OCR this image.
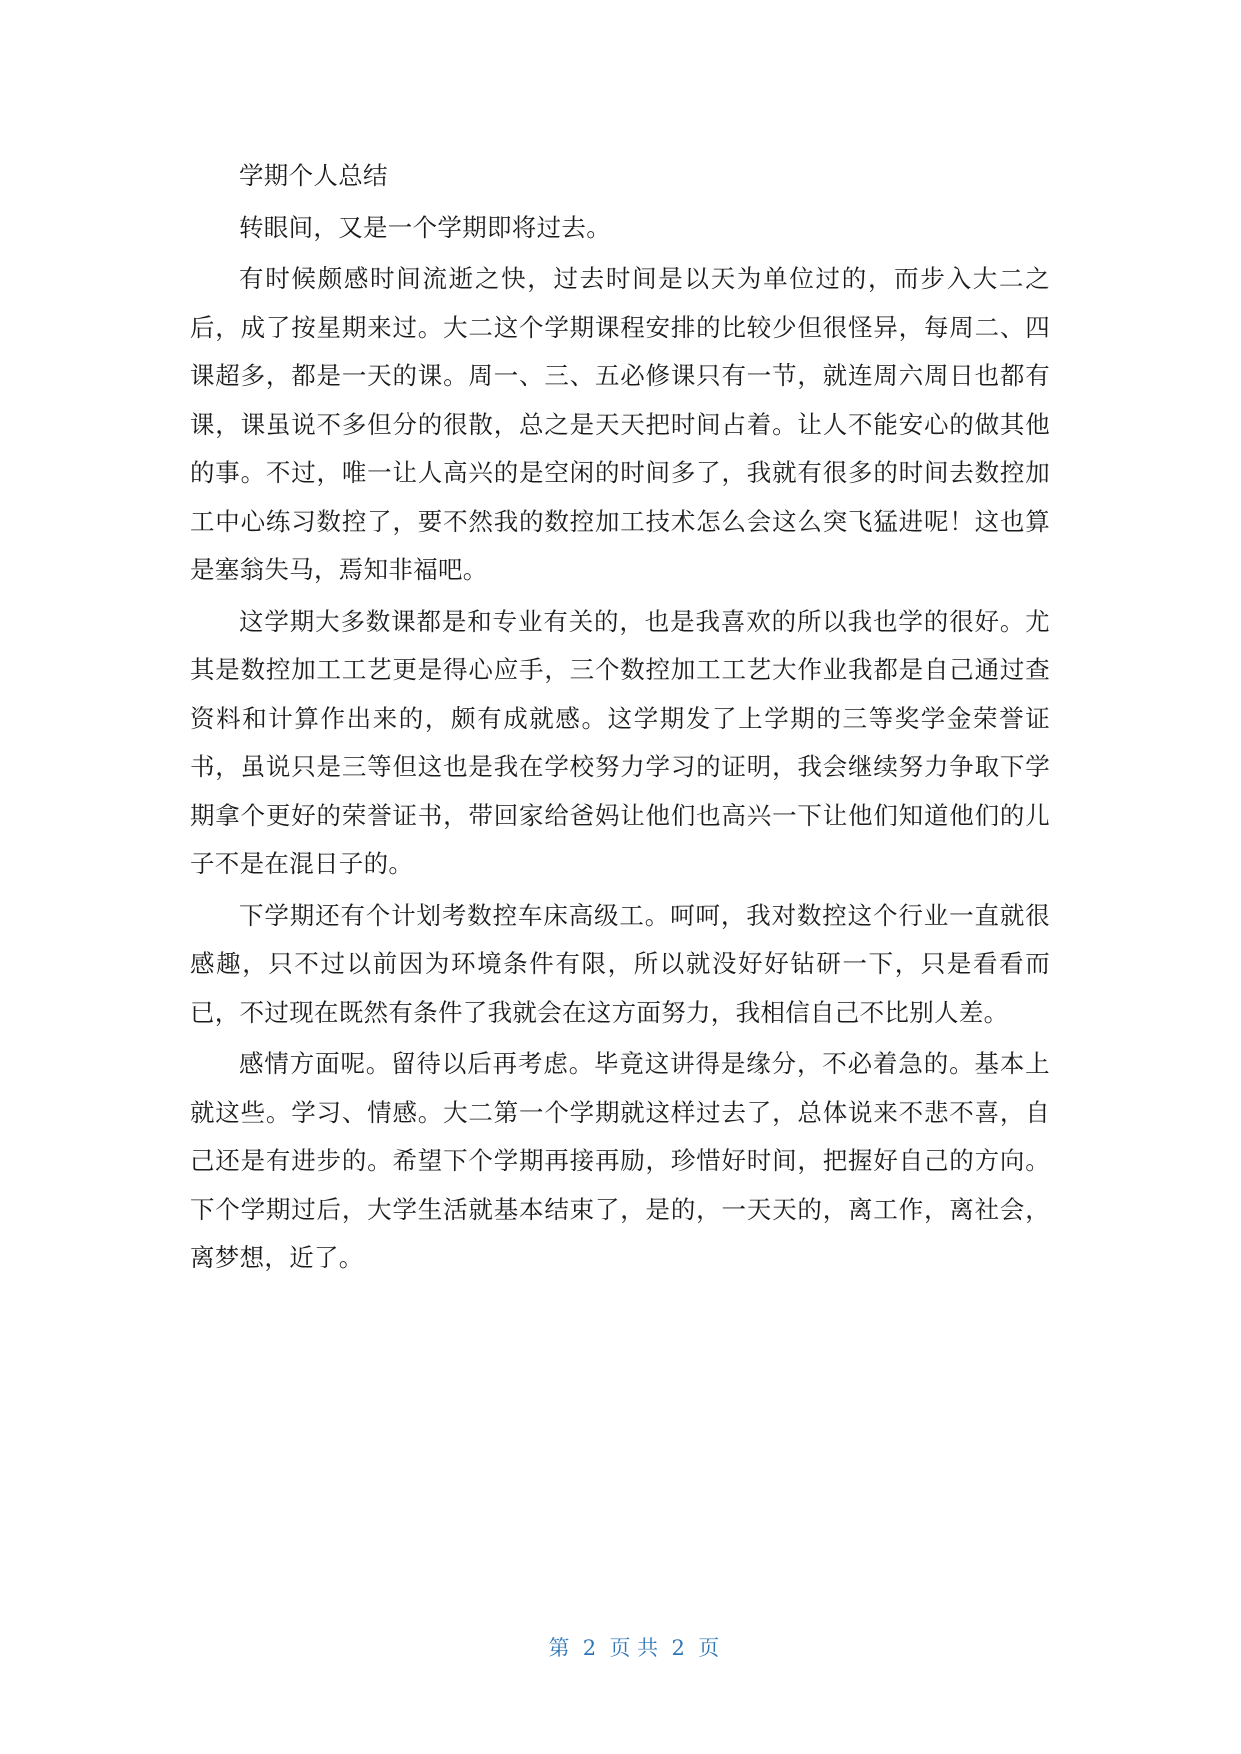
学期个人总结

转眼间，又是一个学期即将过去。

有时候颇感时间流逝之快，过去时间是以天为单位过的，而步入大二之后，成了按星期来过。大二这个学期课程安排的比较少但很怪异，每周二、四课超多，都是一天的课。周一、三、五必修课只有一节，就连周六周日也都有课，课虽说不多但分的很散，总之是天天把时间占着。让人不能安心的做其他的事。不过，唯一让人高兴的是空闲的时间多了，我就有很多的时间去数控加工中心练习数控了，要不然我的数控加工技术怎么会这么突飞猛进呢！这也算是塞翁失马，焉知非福吧。

这学期大多数课都是和专业有关的，也是我喜欢的所以我也学的很好。尤其是数控加工工艺更是得心应手，三个数控加工工艺大作业我都是自己通过查资料和计算作出来的，颇有成就感。这学期发了上学期的三等奖学金荣誉证书，虽说只是三等但这也是我在学校努力学习的证明，我会继续努力争取下学期拿个更好的荣誉证书，带回家给爸妈让他们也高兴一下让他们知道他们的儿子不是在混日子的。

下学期还有个计划考数控车床高级工。呵呵，我对数控这个行业一直就很感趣，只不过以前因为环境条件有限，所以就没好好钻研一下，只是看看而已，不过现在既然有条件了我就会在这方面努力，我相信自己不比别人差。

感情方面呢。留待以后再考虑。毕竟这讲得是缘分，不必着急的。基本上就这些。学习、情感。大二第一个学期就这样过去了，总体说来不悲不喜，自己还是有进步的。希望下个学期再接再励，珍惜好时间，把握好自己的方向。下个学期过后，大学生活就基本结束了，是的，一天天的，离工作，离社会，离梦想，近了。

第  2  页 共  2  页
